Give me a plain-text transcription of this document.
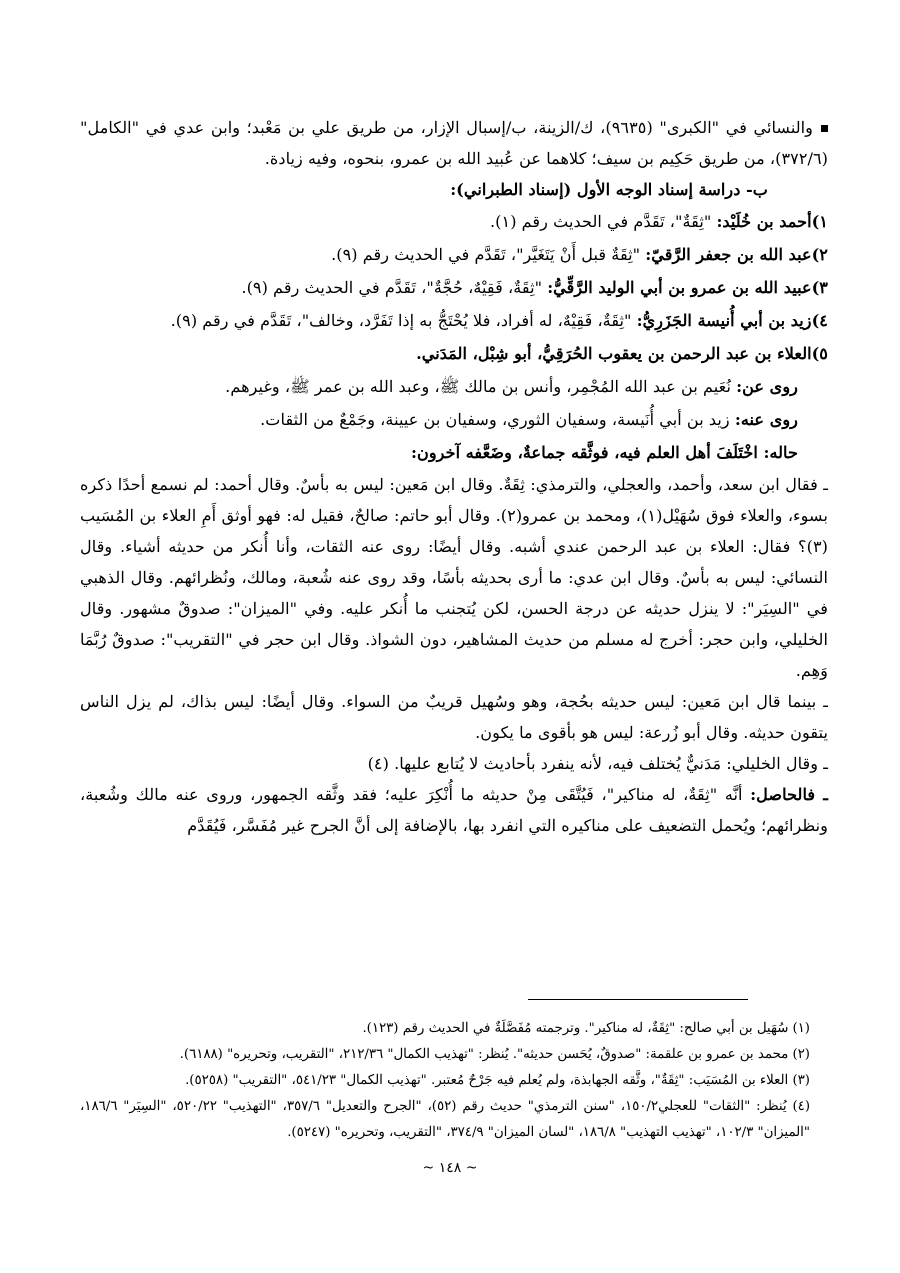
والنسائي في "الكبرى" (٩٦٣٥)، ك/الزينة، ب/إسبال الإزار، من طريق علي بن مَعْبد؛ وابن عدي في "الكامل" (٣٧٢/٦)، من طريق حَكِيم بن سيف؛ كلاهما عن عُبيد الله بن عمرو، بنحوه، وفيه زيادة.

ب- دراسة إسناد الوجه الأول (إسناد الطبراني):

١)أحمد بن خُلَيْد: "ثِقَةٌ"، تَقَدَّم في الحديث رقم (١).

٢)عبد الله بن جعفر الرَّقيّ: "ثِقَةٌ قبل أَنْ يَتَغَيَّر"، تَقَدَّم في الحديث رقم (٩).

٣)عبيد الله بن عمرو بن أبي الوليد الرَّقِّيُّ: "ثِقَةٌ، فَقِيْهٌ، حُجَّةٌ"، تَقَدَّم في الحديث رقم (٩).

٤)زيد بن أبي أُنيسة الجَزَرِيُّ: "ثِقَةٌ، فَقِيْهٌ، له أفراد، فلا يُحْتَجُّ به إذا تَفَرَّد، وخالف"، تَقَدَّم في رقم (٩).

٥)العلاء بن عبد الرحمن بن يعقوب الحُرَقِيُّ، أبو شِبْل، المَدَني.

روى عن: نُعَيم بن عبد الله المُجْمِر، وأنس بن مالك ﷺ، وعبد الله بن عمر ﷺ، وغيرهم.

روى عنه: زيد بن أبي أُنَيسة، وسفيان الثوري، وسفيان بن عيينة، وجَمْعٌ من الثقات.

حاله: اخْتَلَفَ أهل العلم فيه، فوثَّقه جماعةٌ، وضَعَّفه آخرون:

ـ فقال ابن سعد، وأحمد، والعجلي، والترمذي: ثِقَةٌ. وقال ابن مَعين: ليس به بأسٌ. وقال أحمد: لم نسمع أحدًا ذكره بسوء، والعلاء فوق سُهَيْل(١)، ومحمد بن عمرو(٢). وقال أبو حاتم: صالحٌ، فقيل له: فهو أوثق أَمِ العلاء بن المُسَيب (٣)؟ فقال: العلاء بن عبد الرحمن عندي أشبه. وقال أيضًا: روى عنه الثقات، وأنا أُنكر من حديثه أشياء. وقال النسائي: ليس به بأسٌ. وقال ابن عدي: ما أرى بحديثه بأسًا، وقد روى عنه شُعبة، ومالك، ونُظرائهم. وقال الذهبي في "السِيَر": لا ينزل حديثه عن درجة الحسن، لكن يُتجنب ما أُنكر عليه. وفي "الميزان": صدوقٌ مشهور. وقال الخليلي، وابن حجر: أخرج له مسلم من حديث المشاهير، دون الشواذ. وقال ابن حجر في "التقريب": صدوقٌ رُبَّمَا وَهِم.

ـ بينما قال ابن مَعين: ليس حديثه بحُجة، وهو وسُهيل قريبٌ من السواء. وقال أيضًا: ليس بذاك، لم يزل الناس يتقون حديثه. وقال أبو زُرعة: ليس هو بأقوى ما يكون.

ـ وقال الخليلي: مَدَنيٌّ يُختلف فيه، لأنه ينفرد بأحاديث لا يُتابع عليها. (٤)

ـ فالحاصل: أنَّه "ثِقَةٌ، له مناكير"، فَيُتَّقَى مِنْ حديثه ما أُنْكِرَ عليه؛ فقد وثَّقه الجمهور، وروى عنه مالك وشُعبة، ونظرائهم؛ ويُحمل التضعيف على مناكيره التي انفرد بها، بالإضافة إلى أنَّ الجرح غير مُفَسَّر، فَيُقَدَّم

(١) سُهَيل بن أبي صالح: "ثِقَةٌ، له مناكير". وترجمته مُفَصَّلَةٌ في الحديث رقم (١٢٣).

(٢) محمد بن عمرو بن علقمة: "صدوقٌ، يُحَسن حديثه". يُنظر: "تهذيب الكمال" ٢١٢/٣٦، "التقريب، وتحريره" (٦١٨٨).

(٣) العلاء بن المُسَيَب: "ثِقَةٌ"، وثَّقه الجهابذة، ولم يُعلم فيه جَرْحٌ مُعتبر. "تهذيب الكمال" ٥٤١/٢٣، "التقريب" (٥٢٥٨).

(٤) يُنظر: "الثقات" للعجلي١٥٠/٢، "سنن الترمذي" حديث رقم (٥٢)، "الجرح والتعديل" ٣٥٧/٦، "التهذيب" ٥٢٠/٢٢، "السِيَر" ١٨٦/٦، "الميزان" ١٠٢/٣، "تهذيب التهذيب" ١٨٦/٨، "لسان الميزان" ٣٧٤/٩، "التقريب، وتحريره" (٥٢٤٧).

~ ١٤٨ ~
